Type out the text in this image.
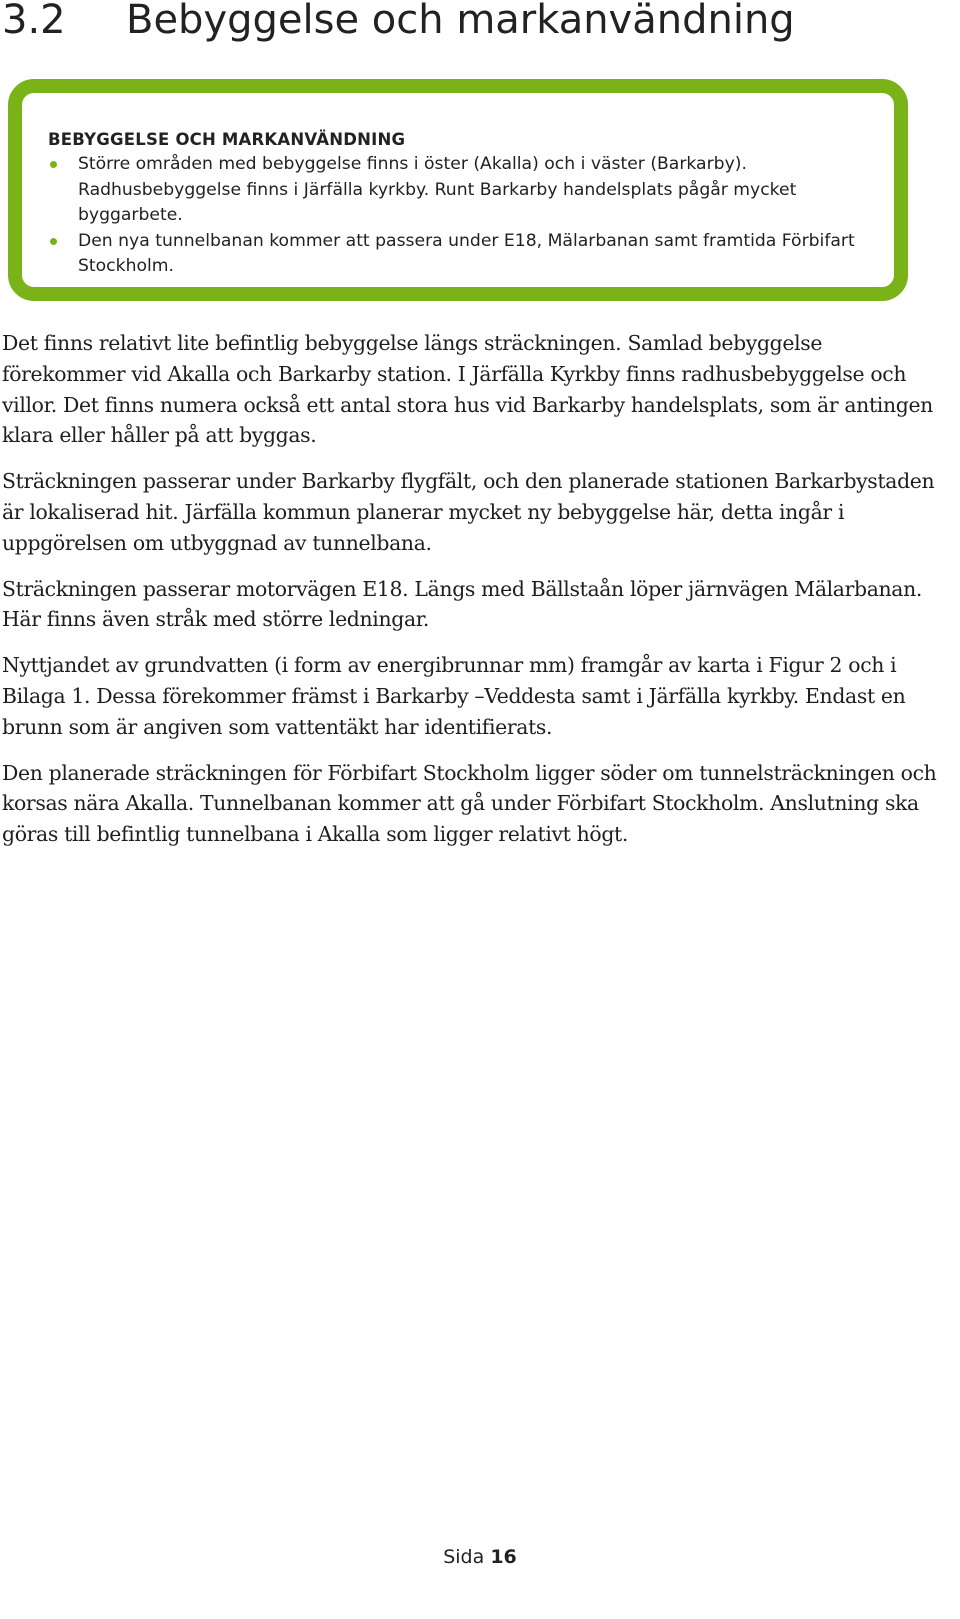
3.2 Bebyggelse och markanvändning

BEBYGGELSE OCH MARKANVÄNDNING

Större områden med bebyggelse finns i öster (Akalla) och i väster (Barkarby). Radhusbebyggelse finns i Järfälla kyrkby. Runt Barkarby handelsplats pågår mycket byggarbete.
Den nya tunnelbanan kommer att passera under E18, Mälarbanan samt framtida Förbifart Stockholm.

Det finns relativt lite befintlig bebyggelse längs sträckningen. Samlad bebyggelse förekommer vid Akalla och Barkarby station. I Järfälla Kyrkby finns radhusbebyggelse och villor. Det finns numera också ett antal stora hus vid Barkarby handelsplats, som är antingen klara eller håller på att byggas.

Sträckningen passerar under Barkarby flygfält, och den planerade stationen Barkarbystaden är lokaliserad hit. Järfälla kommun planerar mycket ny bebyggelse här, detta ingår i uppgörelsen om utbyggnad av tunnelbana.

Sträckningen passerar motorvägen E18. Längs med Bällstaån löper järnvägen Mälarbanan. Här finns även stråk med större ledningar.

Nyttjandet av grundvatten (i form av energibrunnar mm) framgår av karta i Figur 2 och i Bilaga 1. Dessa förekommer främst i Barkarby –Veddesta samt i Järfälla kyrkby. Endast en brunn som är angiven som vattentäkt har identifierats.

Den planerade sträckningen för Förbifart Stockholm ligger söder om tunnelsträckningen och korsas nära Akalla. Tunnelbanan kommer att gå under Förbifart Stockholm. Anslutning ska göras till befintlig tunnelbana i Akalla som ligger relativt högt.

Sida 16
